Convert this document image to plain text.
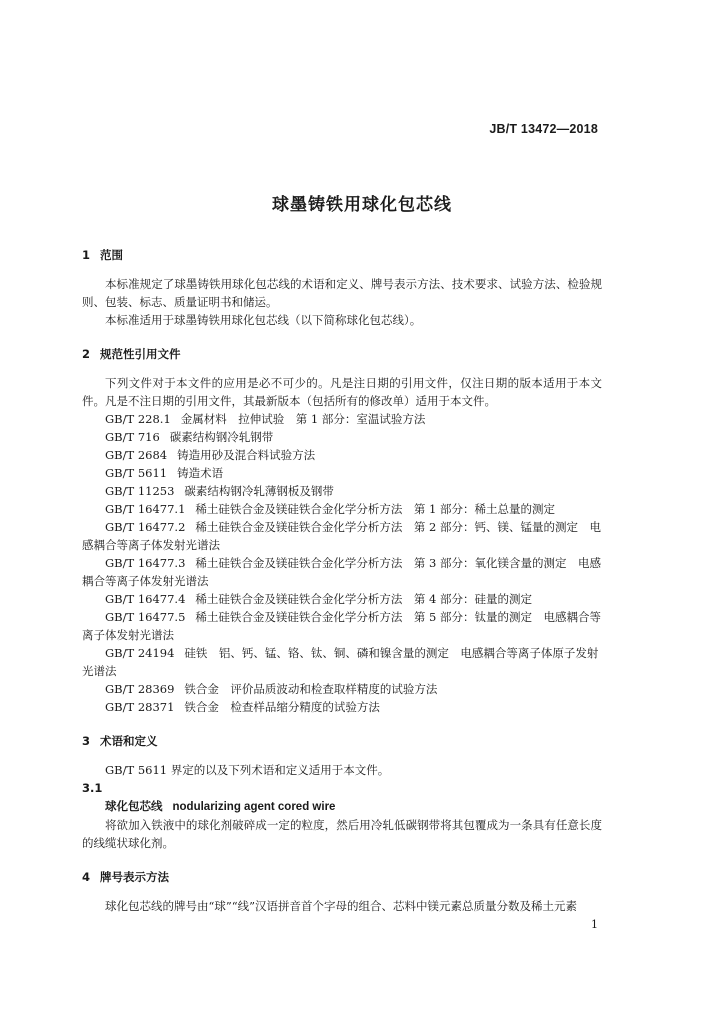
JB/T 13472—2018
球墨铸铁用球化包芯线

1 范围

本标准规定了球墨铸铁用球化包芯线的术语和定义、牌号表示方法、技术要求、试验方法、检验规则、包装、标志、质量证明书和储运。

本标准适用于球墨铸铁用球化包芯线（以下简称球化包芯线）。

2 规范性引用文件

下列文件对于本文件的应用是必不可少的。凡是注日期的引用文件，仅注日期的版本适用于本文件。凡是不注日期的引用文件，其最新版本（包括所有的修改单）适用于本文件。

GB/T 228.1 金属材料　拉伸试验　第 1 部分：室温试验方法

GB/T 716 碳素结构钢冷轧钢带

GB/T 2684 铸造用砂及混合料试验方法

GB/T 5611 铸造术语

GB/T 11253 碳素结构钢冷轧薄钢板及钢带

GB/T 16477.1 稀土硅铁合金及镁硅铁合金化学分析方法　第 1 部分：稀土总量的测定

GB/T 16477.2 稀土硅铁合金及镁硅铁合金化学分析方法　第 2 部分：钙、镁、锰量的测定　电感耦合等离子体发射光谱法

GB/T 16477.3 稀土硅铁合金及镁硅铁合金化学分析方法　第 3 部分：氧化镁含量的测定　电感耦合等离子体发射光谱法

GB/T 16477.4 稀土硅铁合金及镁硅铁合金化学分析方法　第 4 部分：硅量的测定

GB/T 16477.5 稀土硅铁合金及镁硅铁合金化学分析方法　第 5 部分：钛量的测定　电感耦合等离子体发射光谱法

GB/T 24194 硅铁　铝、钙、锰、铬、钛、铜、磷和镍含量的测定　电感耦合等离子体原子发射光谱法

GB/T 28369 铁合金　评价品质波动和检查取样精度的试验方法

GB/T 28371 铁合金　检查样品缩分精度的试验方法

3 术语和定义

GB/T 5611 界定的以及下列术语和定义适用于本文件。

3.1

球化包芯线 nodularizing agent cored wire

将欲加入铁液中的球化剂破碎成一定的粒度，然后用冷轧低碳钢带将其包覆成为一条具有任意长度的线缆状球化剂。

4 牌号表示方法

球化包芯线的牌号由“球”“线”汉语拼音首个字母的组合、芯料中镁元素总质量分数及稀土元素

1
